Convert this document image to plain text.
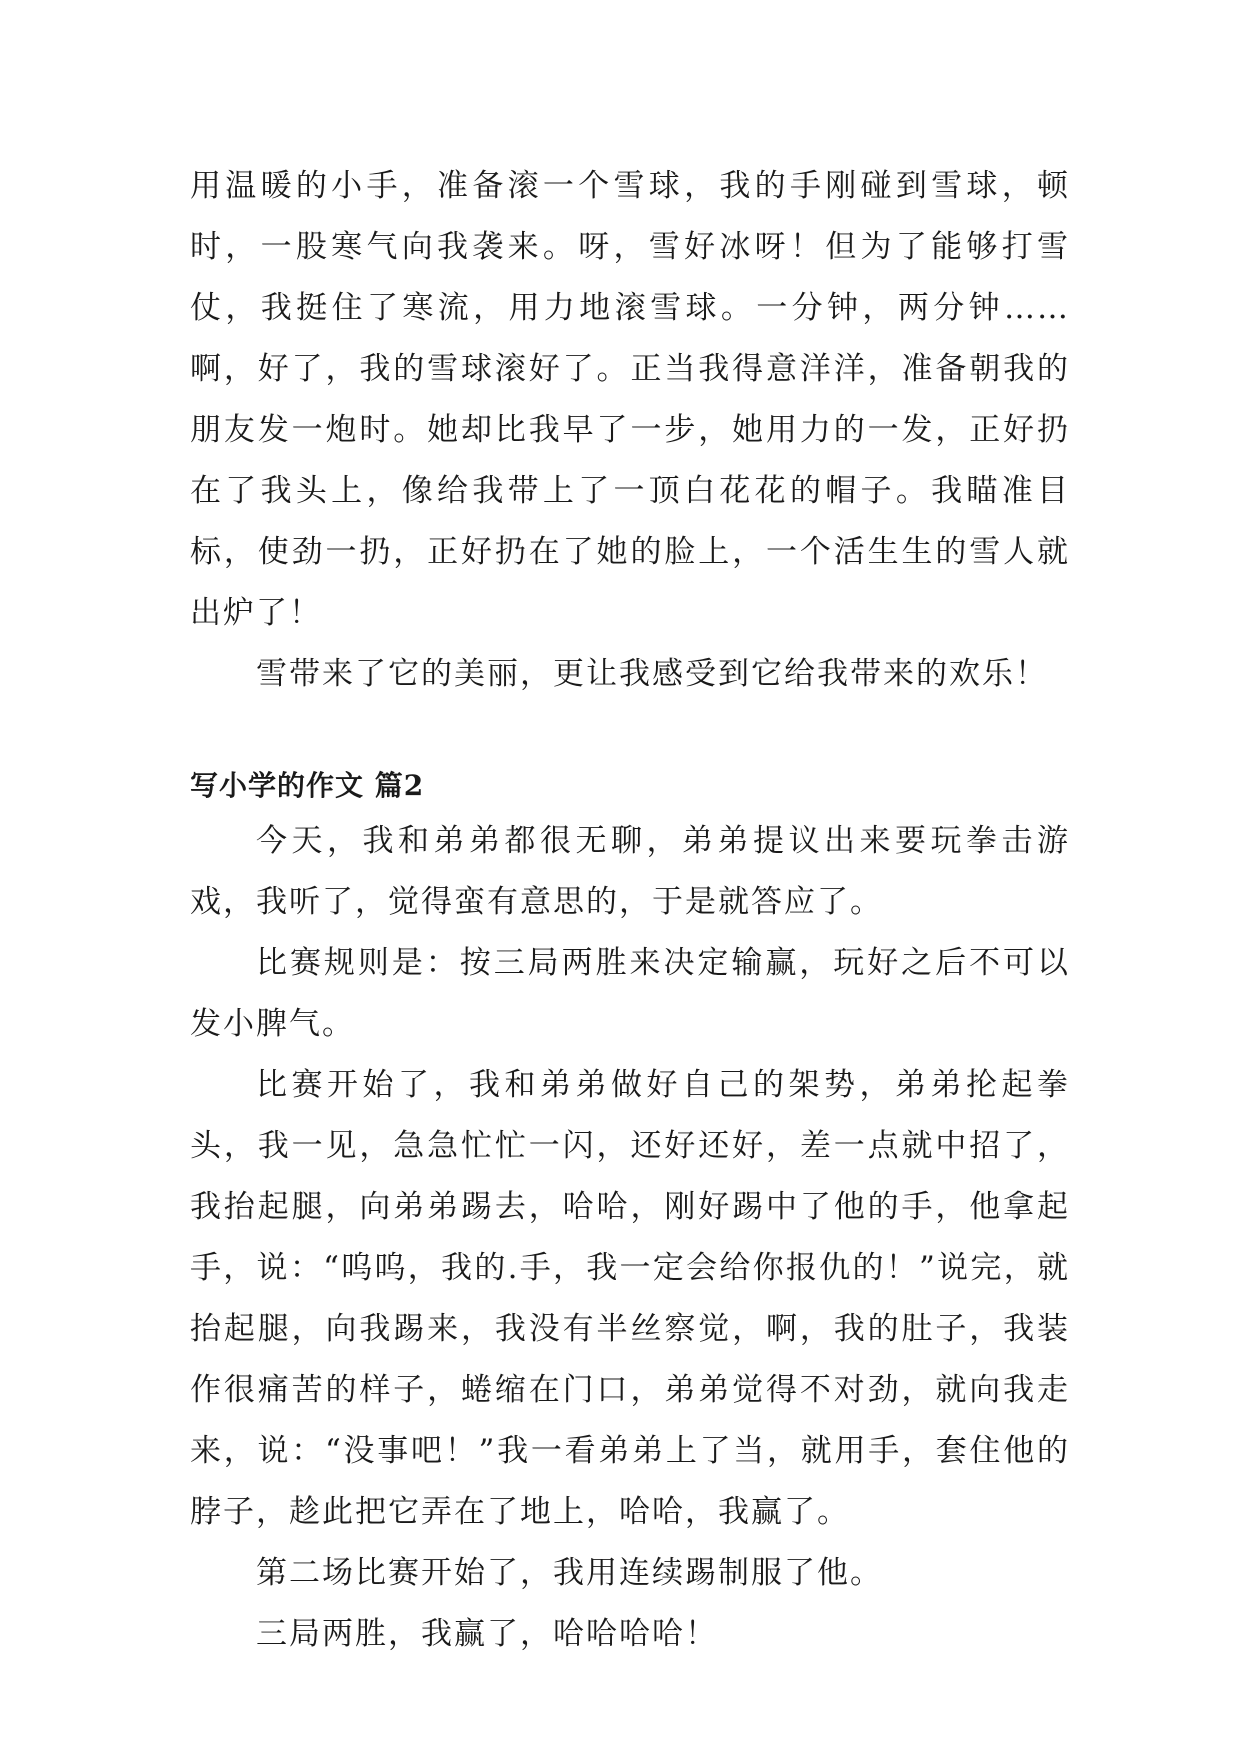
用温暖的小手，准备滚一个雪球，我的手刚碰到雪球，顿时，一股寒气向我袭来。呀，雪好冰呀！但为了能够打雪仗，我挺住了寒流，用力地滚雪球。一分钟，两分钟……啊，好了，我的雪球滚好了。正当我得意洋洋，准备朝我的朋友发一炮时。她却比我早了一步，她用力的一发，正好扔在了我头上，像给我带上了一顶白花花的帽子。我瞄准目标，使劲一扔，正好扔在了她的脸上，一个活生生的雪人就出炉了！

雪带来了它的美丽，更让我感受到它给我带来的欢乐！

写小学的作文 篇2

今天，我和弟弟都很无聊，弟弟提议出来要玩拳击游戏，我听了，觉得蛮有意思的，于是就答应了。

比赛规则是：按三局两胜来决定输赢，玩好之后不可以发小脾气。

比赛开始了，我和弟弟做好自己的架势，弟弟抡起拳头，我一见，急急忙忙一闪，还好还好，差一点就中招了，我抬起腿，向弟弟踢去，哈哈，刚好踢中了他的手，他拿起手，说：“呜呜，我的.手，我一定会给你报仇的！”说完，就抬起腿，向我踢来，我没有半丝察觉，啊，我的肚子，我装作很痛苦的样子，蜷缩在门口，弟弟觉得不对劲，就向我走来，说：“没事吧！”我一看弟弟上了当，就用手，套住他的脖子，趁此把它弄在了地上，哈哈，我赢了。

第二场比赛开始了，我用连续踢制服了他。

三局两胜，我赢了，哈哈哈哈！
